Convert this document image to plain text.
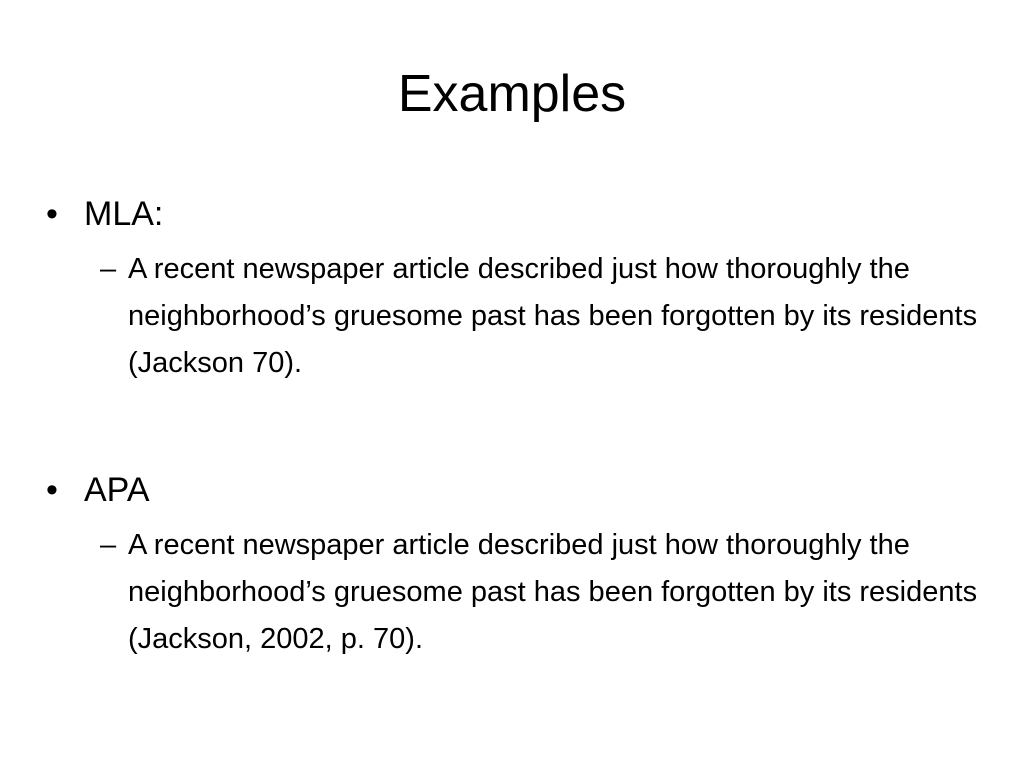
Examples
• MLA:
– A recent newspaper article described just how thoroughly the neighborhood’s gruesome past has been forgotten by its residents (Jackson 70).
• APA
– A recent newspaper article described just how thoroughly the neighborhood’s gruesome past has been forgotten by its residents (Jackson, 2002, p. 70).
